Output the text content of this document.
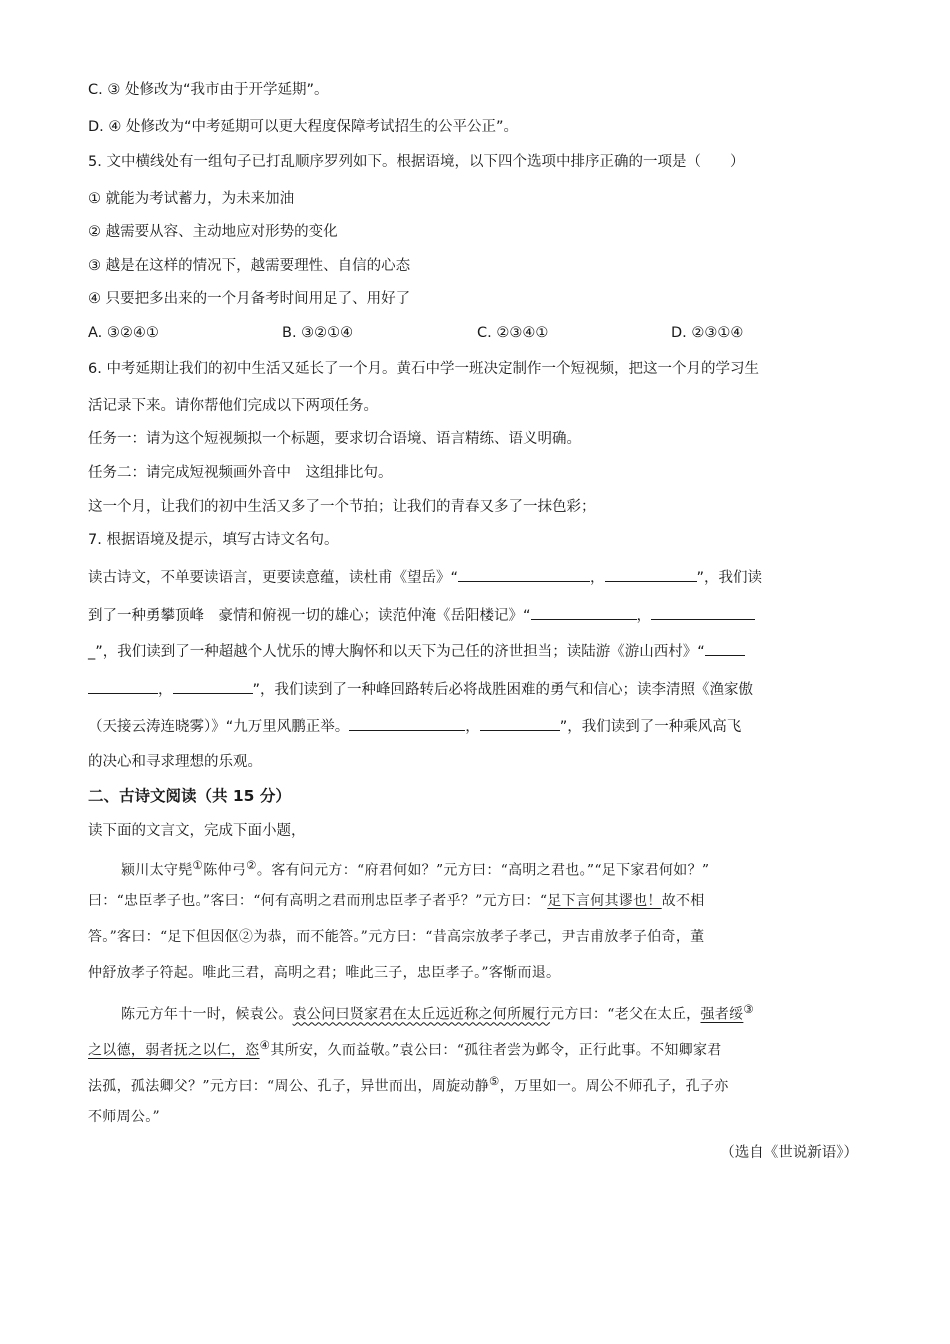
C. ③ 处修改为“我市由于开学延期”。
D. ④ 处修改为“中考延期可以更大程度保障考试招生的公平公正”。
5. 文中横线处有一组句子已打乱顺序罗列如下。根据语境，以下四个选项中排序正确的一项是（　　）
① 就能为考试蓄力，为未来加油
② 越需要从容、主动地应对形势的变化
③ 越是在这样的情况下，越需要理性、自信的心态
④ 只要把多出来的一个月备考时间用足了、用好了
A. ③②④①	B. ③②①④	C. ②③④①	D. ②③①④
6. 中考延期让我们的初中生活又延长了一个月。黄石中学一班决定制作一个短视频，把这一个月的学习生
活记录下来。请你帮他们完成以下两项任务。
任务一：请为这个短视频拟一个标题，要求切合语境、语言精练、语义明确。
任务二：请完成短视频画外音中　这组排比句。
这一个月，让我们的初中生活又多了一个节拍；让我们的青春又多了一抹色彩；
7. 根据语境及提示，填写古诗文名句。
读古诗文，不单要读语言，更要读意蕴，读杜甫《望岳》“	，	”，我们读
到了一种勇攀顶峰　豪情和俯视一切的雄心；读范仲淹《岳阳楼记》“	，
_”，我们读到了一种超越个人忧乐的博大胸怀和以天下为己任的济世担当；读陆游《游山西村》“
，	”，我们读到了一种峰回路转后必将战胜困难的勇气和信心；读李清照《渔家傲
（天接云涛连晓雾）》“九万里风鹏正举。	，	”，我们读到了一种乘风高飞
的决心和寻求理想的乐观。
二、古诗文阅读（共 15 分）
读下面的文言文，完成下面小题，
颍川太守髡①陈仲弓②。客有问元方：“府君何如？”元方曰：“高明之君也。”“足下家君何如？”
曰：“忠臣孝子也。”客曰：“何有高明之君而刑忠臣孝子者乎？”元方曰：“足下言何其谬也！故不相
答。”客曰：“足下但因伛②为恭，而不能答。”元方曰：“昔高宗放孝子孝己，尹吉甫放孝子伯奇，董
仲舒放孝子符起。唯此三君，高明之君；唯此三子，忠臣孝子。”客惭而退。
陈元方年十一时，候袁公。袁公问曰贤家君在太丘远近称之何所履行元方曰：“老父在太丘，强者绥③
之以德，弱者抚之以仁，恣④其所安，久而益敬。”袁公曰：“孤往者尝为邺令，正行此事。不知卿家君
法孤，孤法卿父？”元方曰：“周公、孔子，异世而出，周旋动静⑤，万里如一。周公不师孔子，孔子亦
不师周公。”
（选自《世说新语》）
